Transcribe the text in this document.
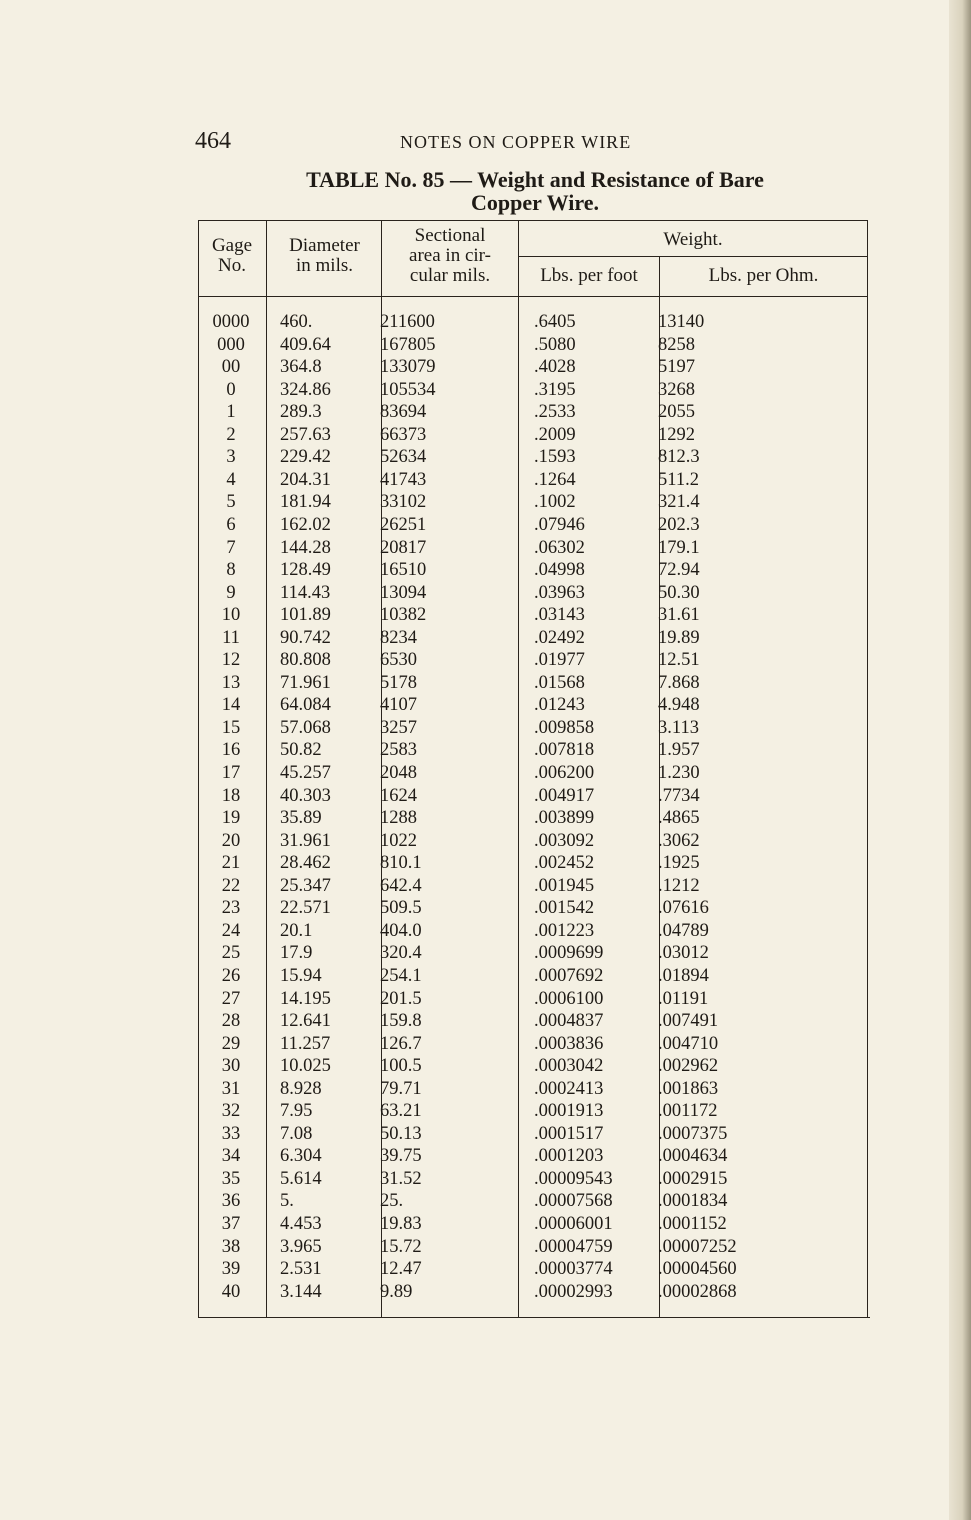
464	NOTES ON COPPER WIRE
TABLE No. 85 — Weight and Resistance of Bare
Copper Wire.
Gage
No.
Diameter
in mils.
Sectional
area in cir-
cular mils.
Weight.
Lbs. per foot	Lbs. per Ohm.
0000	460.	211600	.6405	13140
000	409.64	167805	.5080	8258
00	364.8	133079	.4028	5197
0	324.86	105534	.3195	3268
1	289.3	83694	.2533	2055
2	257.63	66373	.2009	1292
3	229.42	52634	.1593	812.3
4	204.31	41743	.1264	511.2
5	181.94	33102	.1002	321.4
6	162.02	26251	.07946	202.3
7	144.28	20817	.06302	179.1
8	128.49	16510	.04998	72.94
9	114.43	13094	.03963	50.30
10	101.89	10382	.03143	31.61
11	90.742	8234	.02492	19.89
12	80.808	6530	.01977	12.51
13	71.961	5178	.01568	7.868
14	64.084	4107	.01243	4.948
15	57.068	3257	.009858	3.113
16	50.82	2583	.007818	1.957
17	45.257	2048	.006200	1.230
18	40.303	1624	.004917	.7734
19	35.89	1288	.003899	.4865
20	31.961	1022	.003092	.3062
21	28.462	810.1	.002452	.1925
22	25.347	642.4	.001945	.1212
23	22.571	509.5	.001542	.07616
24	20.1	404.0	.001223	.04789
25	17.9	320.4	.0009699	.03012
26	15.94	254.1	.0007692	.01894
27	14.195	201.5	.0006100	.01191
28	12.641	159.8	.0004837	.007491
29	11.257	126.7	.0003836	.004710
30	10.025	100.5	.0003042	.002962
31	8.928	79.71	.0002413	.001863
32	7.95	63.21	.0001913	.001172
33	7.08	50.13	.0001517	.0007375
34	6.304	39.75	.0001203	.0004634
35	5.614	31.52	.00009543	.0002915
36	5.	25.	.00007568	.0001834
37	4.453	19.83	.00006001	.0001152
38	3.965	15.72	.00004759	.00007252
39	2.531	12.47	.00003774	.00004560
40	3.144	9.89	.00002993	.00002868
